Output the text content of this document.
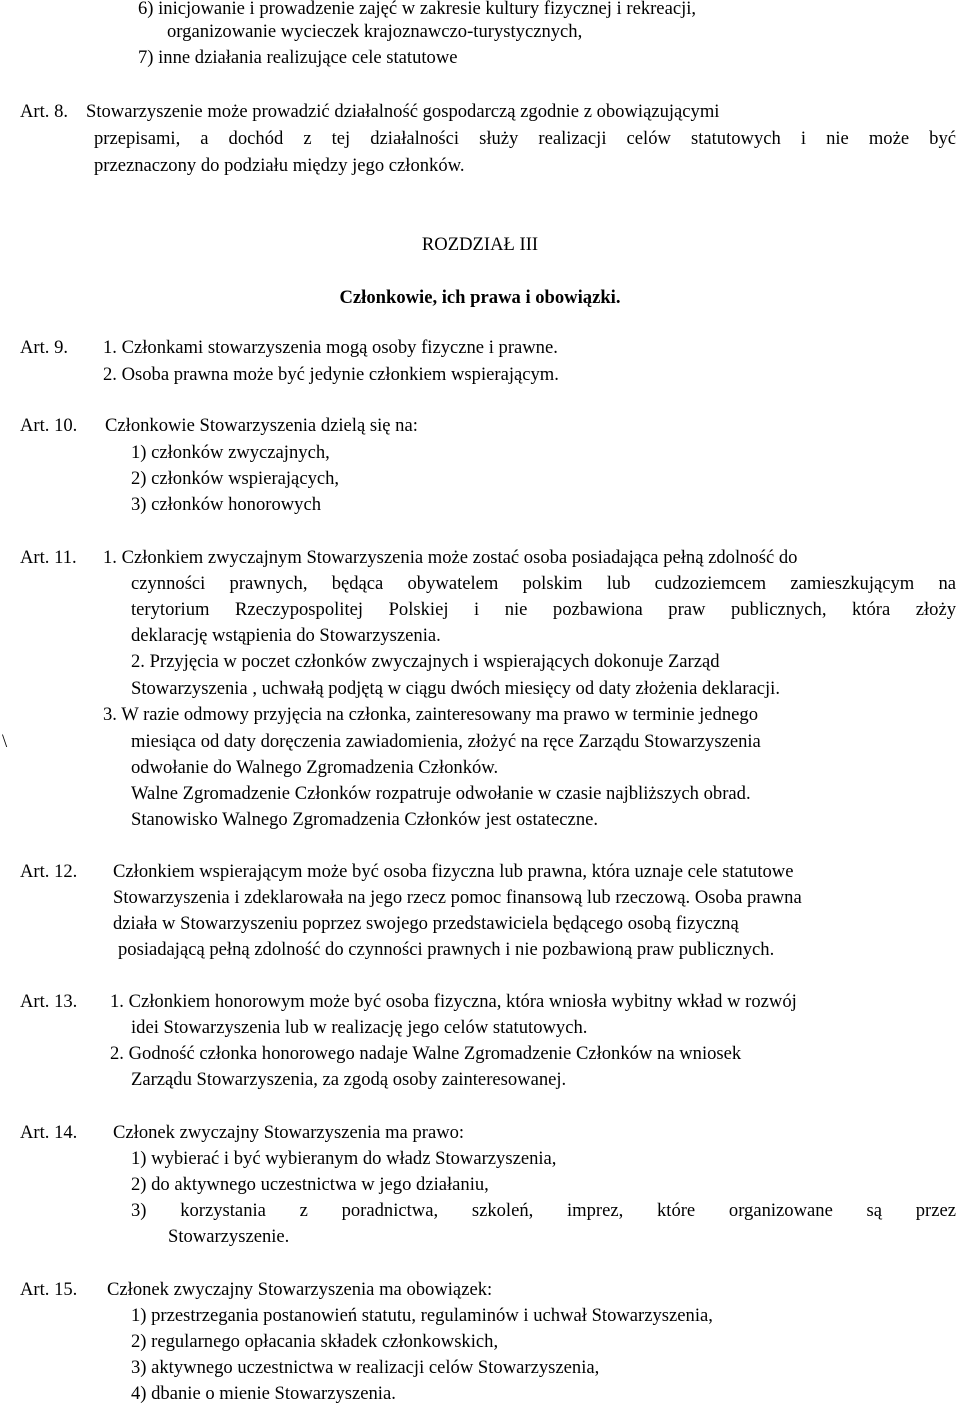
6) inicjowanie i prowadzenie zajęć w zakresie kultury fizycznej i rekreacji,
organizowanie wycieczek krajoznawczo-turystycznych,
7) inne działania realizujące cele statutowe
Art. 8. Stowarzyszenie może prowadzić działalność gospodarczą zgodnie z obowiązującymi
przepisami, a dochód z tej działalności służy realizacji celów statutowych i nie może być
przeznaczony do podziału między jego członków.
ROZDZIAŁ III
Członkowie, ich prawa i obowiązki.
Art. 9. 1. Członkami stowarzyszenia mogą osoby fizyczne i prawne.
2. Osoba prawna może być jedynie członkiem wspierającym.
Art. 10. Członkowie Stowarzyszenia dzielą się na:
1) członków zwyczajnych,
2) członków wspierających,
3) członków honorowych
Art. 11. 1. Członkiem zwyczajnym Stowarzyszenia może zostać osoba posiadająca pełną zdolność do
czynności prawnych, będąca obywatelem polskim lub cudzoziemcem zamieszkującym na
terytorium Rzeczypospolitej Polskiej i nie pozbawiona praw publicznych, która złoży
deklarację wstąpienia do Stowarzyszenia.
2. Przyjęcia w poczet członków zwyczajnych i wspierających dokonuje Zarząd
Stowarzyszenia , uchwałą podjętą w ciągu dwóch miesięcy od daty złożenia deklaracji.
3. W razie odmowy przyjęcia na członka, zainteresowany ma prawo w terminie jednego
\	miesiąca od daty doręczenia zawiadomienia, złożyć na ręce Zarządu Stowarzyszenia
odwołanie do Walnego Zgromadzenia Członków.
Walne Zgromadzenie Członków rozpatruje odwołanie w czasie najbliższych obrad.
Stanowisko Walnego Zgromadzenia Członków jest ostateczne.
Art. 12. Członkiem wspierającym może być osoba fizyczna lub prawna, która uznaje cele statutowe
Stowarzyszenia i zdeklarowała na jego rzecz pomoc finansową lub rzeczową. Osoba prawna
działa w Stowarzyszeniu poprzez swojego przedstawiciela będącego osobą fizyczną
posiadającą pełną zdolność do czynności prawnych i nie pozbawioną praw publicznych.
Art. 13. 1. Członkiem honorowym może być osoba fizyczna, która wniosła wybitny wkład w rozwój
idei Stowarzyszenia lub w realizację jego celów statutowych.
2. Godność członka honorowego nadaje Walne Zgromadzenie Członków na wniosek
Zarządu Stowarzyszenia, za zgodą osoby zainteresowanej.
Art. 14. Członek zwyczajny Stowarzyszenia ma prawo:
1) wybierać i być wybieranym do władz Stowarzyszenia,
2) do aktywnego uczestnictwa w jego działaniu,
3) korzystania z poradnictwa, szkoleń, imprez, które organizowane są przez
Stowarzyszenie.
Art. 15. Członek zwyczajny Stowarzyszenia ma obowiązek:
1) przestrzegania postanowień statutu, regulaminów i uchwał Stowarzyszenia,
2) regularnego opłacania składek członkowskich,
3) aktywnego uczestnictwa w realizacji celów Stowarzyszenia,
4) dbanie o mienie Stowarzyszenia.
